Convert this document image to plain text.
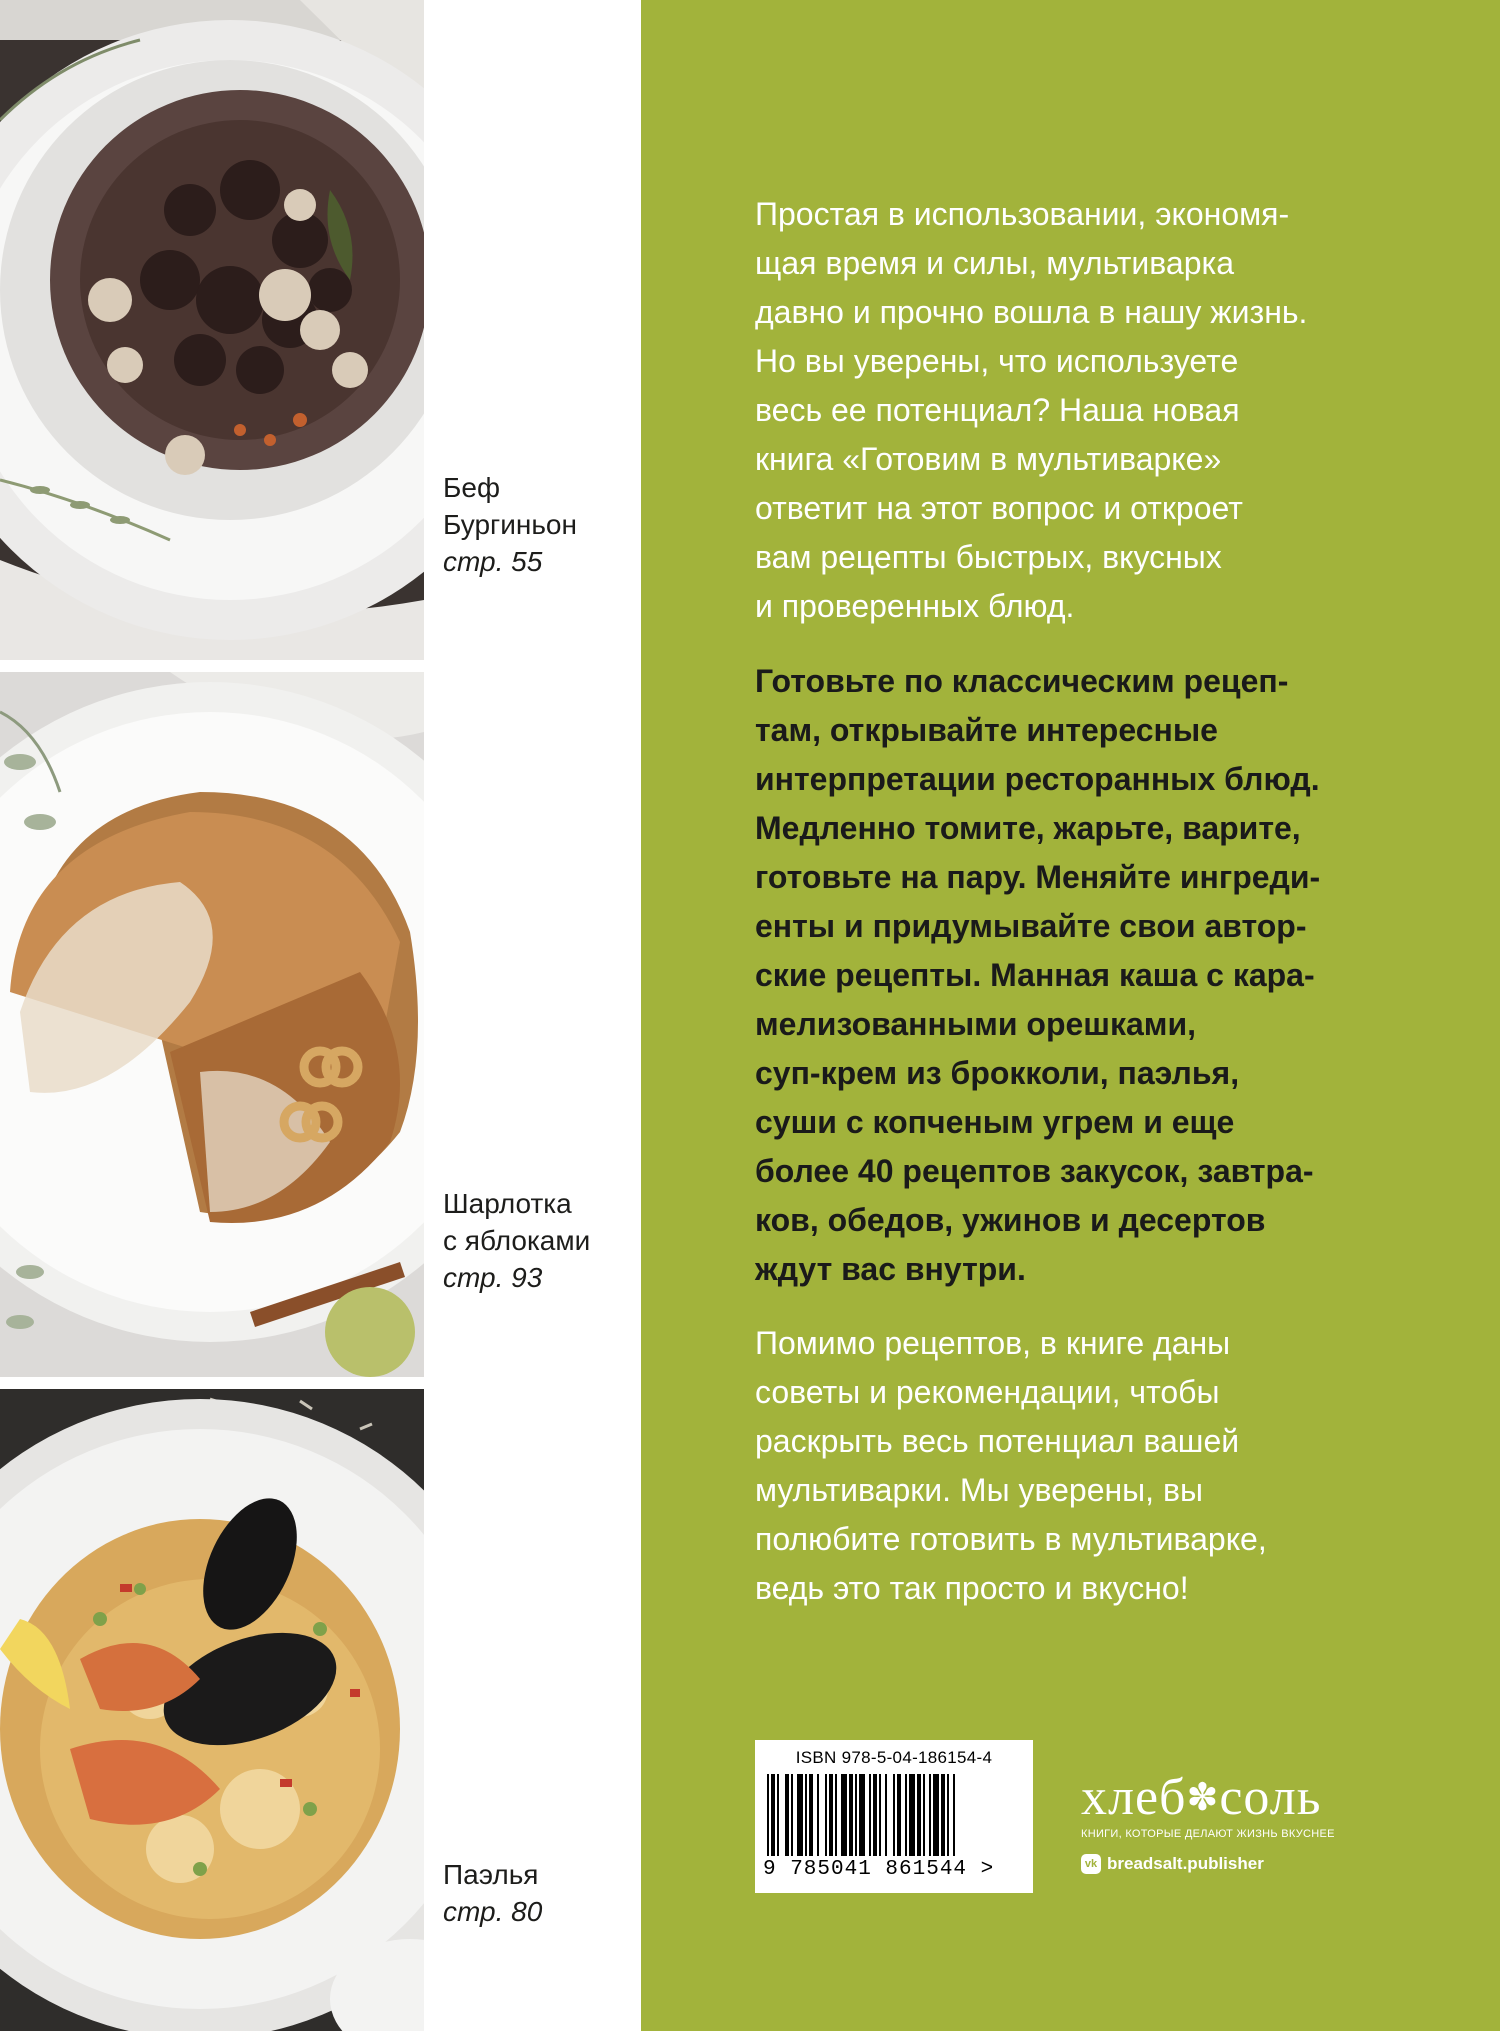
Беф
Бургиньон
стр. 55
Шарлотка
с яблоками
стр. 93
Паэлья
стр. 80
Простая в использовании, экономя-
щая время и силы, мультиварка
давно и прочно вошла в нашу жизнь.
Но вы уверены, что используете
весь ее потенциал? Наша новая
книга «Готовим в мультиварке»
ответит на этот вопрос и откроет
вам рецепты быстрых, вкусных
и проверенных блюд.
Готовьте по классическим рецеп-
там, открывайте интересные
интерпретации ресторанных блюд.
Медленно томите, жарьте, варите,
готовьте на пару. Меняйте ингреди-
енты и придумывайте свои автор-
ские рецепты. Манная каша с кара-
мелизованными орешками,
суп-крем из брокколи, паэлья,
суши с копченым угрем и еще
более 40 рецептов закусок, завтра-
ков, обедов, ужинов и десертов
ждут вас внутри.
Помимо рецептов, в книге даны
советы и рекомендации, чтобы
раскрыть весь потенциал вашей
мультиварки. Мы уверены, вы
полюбите готовить в мультиварке,
ведь это так просто и вкусно!
ISBN 978-5-04-186154-4
9 785041 861544 >
хлеб✽соль
КНИГИ, КОТОРЫЕ ДЕЛАЮТ ЖИЗНЬ ВКУСНЕЕ
vk breadsalt.publisher
